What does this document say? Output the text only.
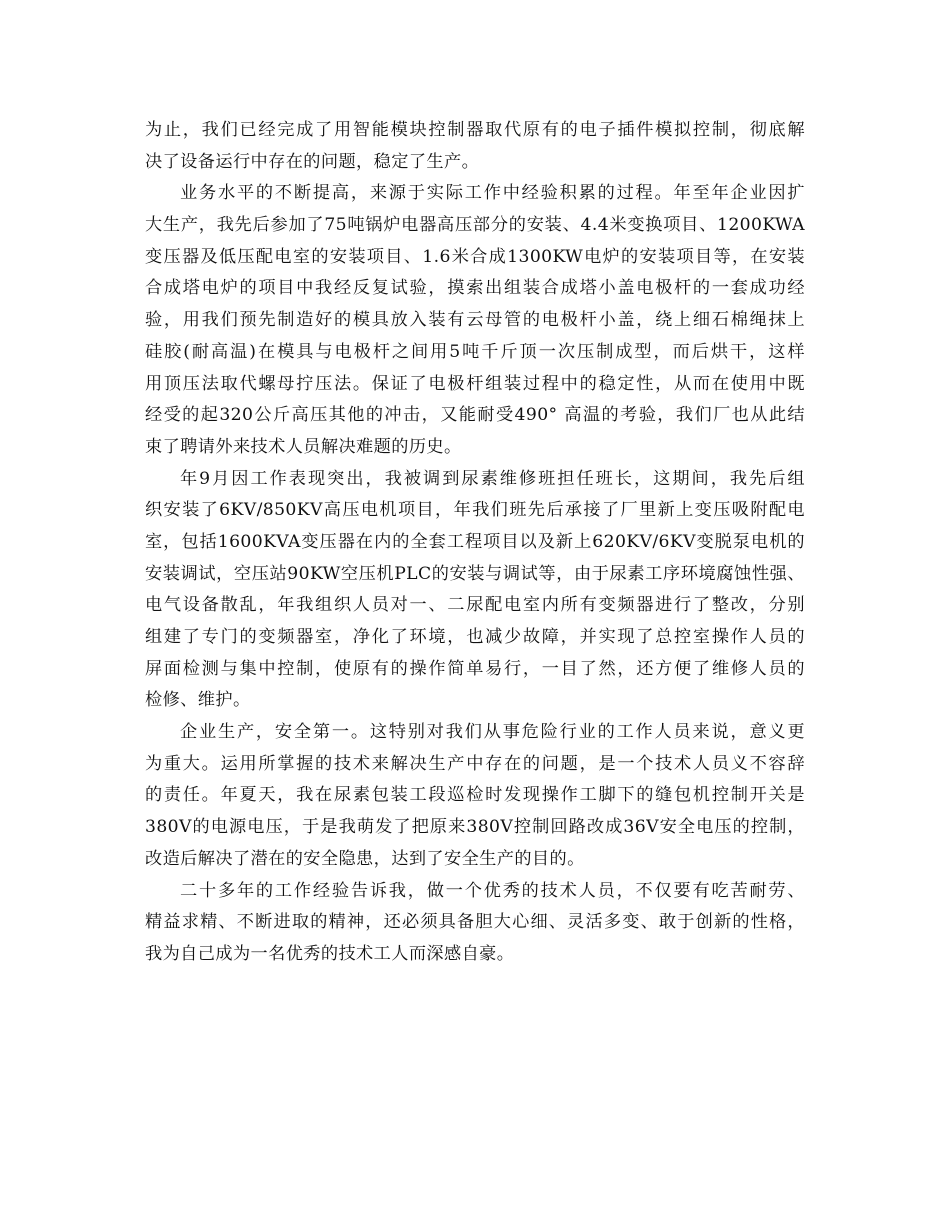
为止，我们已经完成了用智能模块控制器取代原有的电子插件模拟控制，彻底解
决了设备运行中存在的问题，稳定了生产。
业务水平的不断提高，来源于实际工作中经验积累的过程。年至年企业因扩
大生产，我先后参加了75吨锅炉电器高压部分的安装、4.4米变换项目、1200KWA
变压器及低压配电室的安装项目、1.6米合成1300KW电炉的安装项目等，在安装
合成塔电炉的项目中我经反复试验，摸索出组装合成塔小盖电极杆的一套成功经
验，用我们预先制造好的模具放入装有云母管的电极杆小盖，绕上细石棉绳抹上
硅胶(耐高温)在模具与电极杆之间用5吨千斤顶一次压制成型，而后烘干，这样
用顶压法取代螺母拧压法。保证了电极杆组装过程中的稳定性，从而在使用中既
经受的起320公斤高压其他的冲击，又能耐受490° 高温的考验，我们厂也从此结
束了聘请外来技术人员解决难题的历史。
年9月因工作表现突出，我被调到尿素维修班担任班长，这期间，我先后组
织安装了6KV/850KV高压电机项目，年我们班先后承接了厂里新上变压吸附配电
室，包括1600KVA变压器在内的全套工程项目以及新上620KV/6KV变脱泵电机的
安装调试，空压站90KW空压机PLC的安装与调试等，由于尿素工序环境腐蚀性强、
电气设备散乱，年我组织人员对一、二尿配电室内所有变频器进行了整改，分别
组建了专门的变频器室，净化了环境，也减少故障，并实现了总控室操作人员的
屏面检测与集中控制，使原有的操作简单易行，一目了然，还方便了维修人员的
检修、维护。
企业生产，安全第一。这特别对我们从事危险行业的工作人员来说，意义更
为重大。运用所掌握的技术来解决生产中存在的问题，是一个技术人员义不容辞
的责任。年夏天，我在尿素包装工段巡检时发现操作工脚下的缝包机控制开关是
380V的电源电压，于是我萌发了把原来380V控制回路改成36V安全电压的控制，
改造后解决了潜在的安全隐患，达到了安全生产的目的。
二十多年的工作经验告诉我，做一个优秀的技术人员，不仅要有吃苦耐劳、
精益求精、不断进取的精神，还必须具备胆大心细、灵活多变、敢于创新的性格，
我为自己成为一名优秀的技术工人而深感自豪。
